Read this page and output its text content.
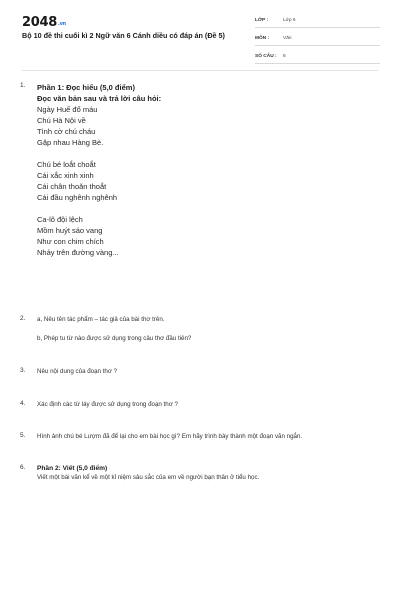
2048.vn
Bộ 10 đề thi cuối kì 2 Ngữ văn 6 Cánh diều có đáp án (Đề 5)
LỚP :	Lớp 6
MÔN :	Văn
SỐ CÂU :	6
1. Phần 1: Đọc hiểu (5,0 điểm)
Đọc văn bản sau và trả lời câu hỏi:
Ngày Huế đổ máu
Chú Hà Nội về
Tình cờ chú cháu
Gặp nhau Hàng Bè.
Chú bé loắt choắt
Cái xắc xinh xinh
Cái chân thoăn thoắt
Cái đầu nghênh nghênh
Ca-lô đội lệch
Mồm huýt sáo vang
Như con chim chích
Nhảy trên đường vàng...
2. a, Nêu tên tác phẩm – tác giả của bài thơ trên.
b, Phép tu từ nào được sử dụng trong câu thơ đầu tiên?
3. Nêu nội dung của đoạn thơ ?
4. Xác định các từ láy được sử dụng trong đoạn thơ ?
5. Hình ảnh chú bé Lượm đã để lại cho em bài học gì? Em hãy trình bày thành một đoạn văn ngắn.
6. Phần 2: Viết (5,0 điểm)
Viết một bài văn kể về một kỉ niệm sâu sắc của em về người bạn thân ở tiểu học.
